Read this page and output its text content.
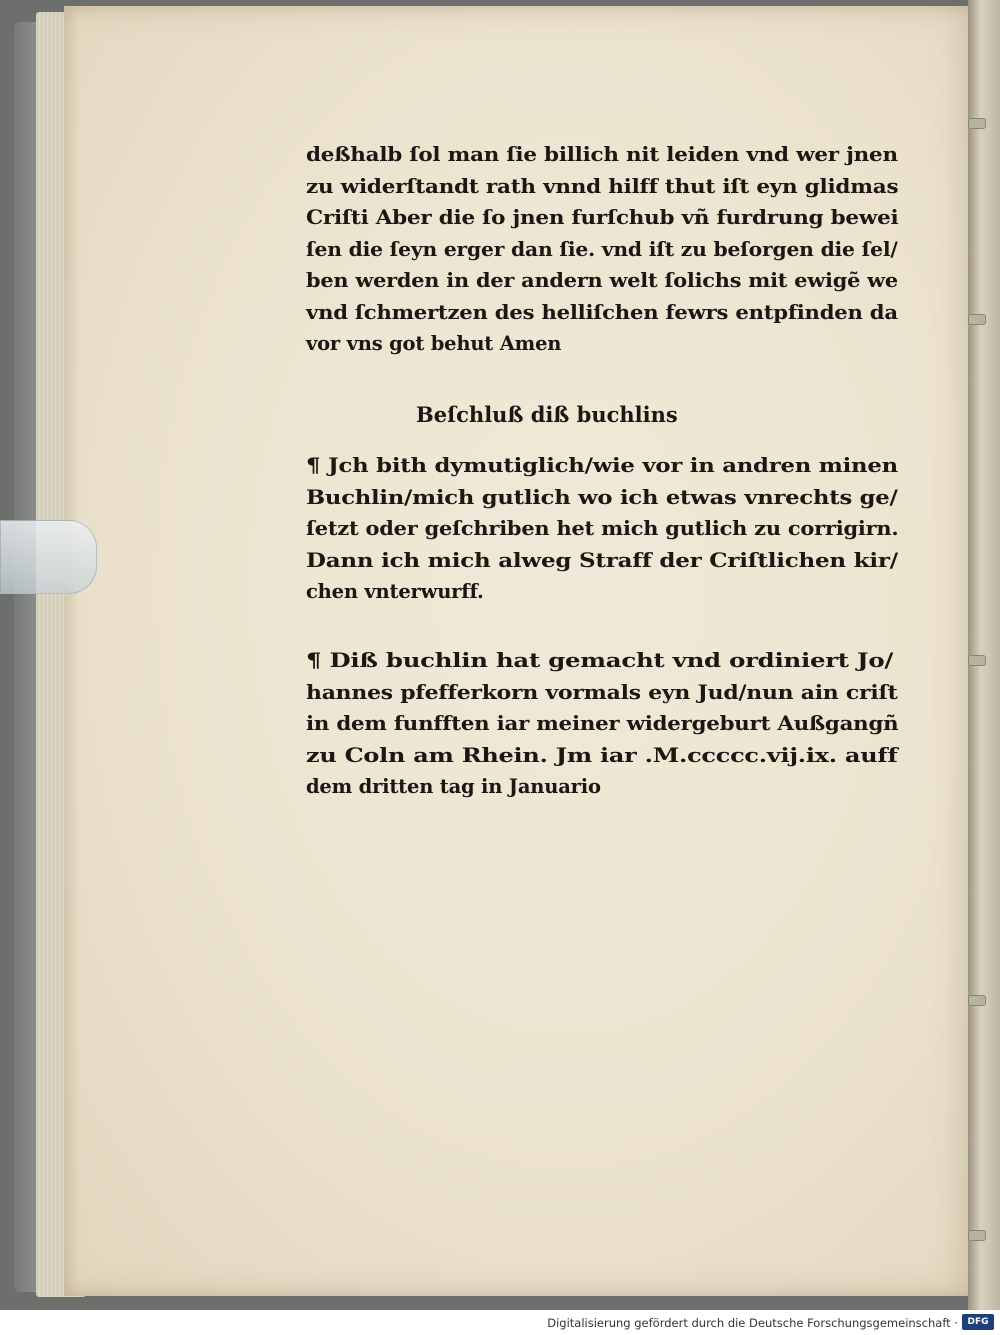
deßhalb ſol man ſie billich nit leiden vnd wer jnen
zu widerſtandt rath vnnd hilff thut iſt eyn glidmas
Criſti Aber die ſo jnen furſchub vñ furdrung bewei
ſen die ſeyn erger dan ſie. vnd iſt zu beſorgen die ſel/
ben werden in der andern welt ſolichs mit ewigẽ we
vnd ſchmertzen des helliſchen fewrs entpfinden da
vor vns got behut Amen
Beſchluß diß buchlins
¶ Jch bith dymutiglich/wie vor in andren minen
Buchlin/mich gutlich wo ich etwas vnrechts ge/
ſetzt oder geſchriben het mich gutlich zu corrigirn.
Dann ich mich alweg Straff der Criſtlichen kir/
chen vnterwurff.
¶ Diß buchlin hat gemacht vnd ordiniert Jo/
hannes pfefferkorn vormals eyn Jud/nun ain criſt
in dem funfften iar meiner widergeburt Außgangñ
zu Coln am Rhein. Jm iar .M.ccccc.vij.ix. auff
dem dritten tag in Januario
Digitalisierung gefördert durch die Deutsche Forschungsgemeinschaft ·	DFG
